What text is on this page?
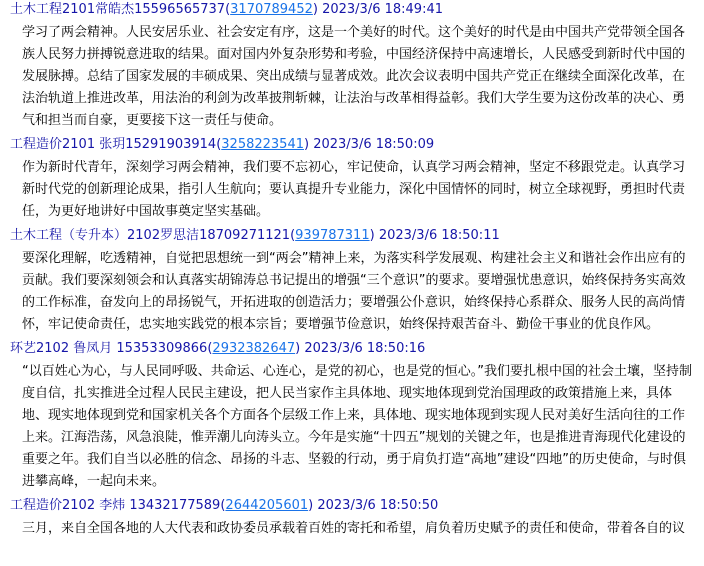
土木工程2101常皓杰15596565737(3170789452) 2023/3/6 18:49:41
学习了两会精神。人民安居乐业、社会安定有序，这是一个美好的时代。这个美好的时代是由中国共产党带领全国各族人民努力拼搏锐意进取的结果。面对国内外复杂形势和考验，中国经济保持中高速增长，人民感受到新时代中国的发展脉搏。总结了国家发展的丰硕成果、突出成绩与显著成效。此次会议表明中国共产党正在继续全面深化改革，在法治轨道上推进改革，用法治的利剑为改革披荆斩棘，让法治与改革相得益彰。我们大学生要为这份改革的决心、勇气和担当而自豪，更要接下这一责任与使命。
工程造价2101 张玥15291903914(3258223541) 2023/3/6 18:50:09
作为新时代青年，深刻学习两会精神，我们要不忘初心，牢记使命，认真学习两会精神，坚定不移跟党走。认真学习新时代党的创新理论成果，指引人生航向；要认真提升专业能力，深化中国情怀的同时，树立全球视野，勇担时代责任，为更好地讲好中国故事奠定坚实基础。
土木工程（专升本）2102罗思洁18709271121(939787311) 2023/3/6 18:50:11
要深化理解，吃透精神，自觉把思想统一到“两会”精神上来，为落实科学发展观、构建社会主义和谐社会作出应有的贡献。我们要深刻领会和认真落实胡锦涛总书记提出的增强“三个意识”的要求。要增强忧患意识，始终保持务实高效的工作标准，奋发向上的昂扬锐气，开拓进取的创造活力；要增强公仆意识，始终保持心系群众、服务人民的高尚情怀，牢记使命责任，忠实地实践党的根本宗旨；要增强节俭意识，始终保持艰苦奋斗、勤俭干事业的优良作风。
环艺2102 鲁凤月 15353309866(2932382647) 2023/3/6 18:50:16
“以百姓心为心，与人民同呼吸、共命运、心连心，是党的初心，也是党的恒心。”我们要扎根中国的社会土壤，坚持制度自信，扎实推进全过程人民民主建设，把人民当家作主具体地、现实地体现到党治国理政的政策措施上来，具体地、现实地体现到党和国家机关各个方面各个层级工作上来，具体地、现实地体现到实现人民对美好生活向往的工作上来。江海浩荡，风急浪陡，惟弄潮儿向涛头立。今年是实施“十四五”规划的关键之年，也是推进青海现代化建设的重要之年。我们自当以必胜的信念、昂扬的斗志、坚毅的行动，勇于肩负打造“高地”建设“四地”的历史使命，与时俱进攀高峰，一起向未来。
工程造价2102 李炜 13432177589(2644205601) 2023/3/6 18:50:50
三月，来自全国各地的人大代表和政协委员承载着百姓的寄托和希望，肩负着历史赋予的责任和使命，带着各自的议
